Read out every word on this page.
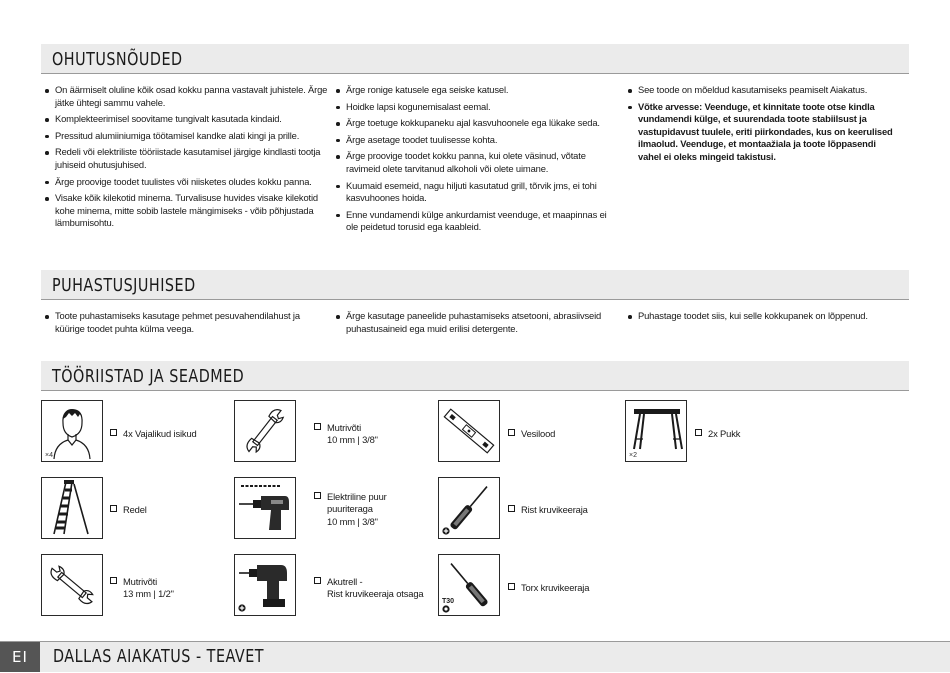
OHUTUSNÕUDED
On äärmiselt oluline kõik osad kokku panna vastavalt juhistele. Ärge jätke ühtegi sammu vahele.
Komplekteerimisel soovitame tungivalt kasutada kindaid.
Pressitud alumiiniumiga töötamisel kandke alati kingi ja prille.
Redeli või elektriliste tööriistade kasutamisel järgige kindlasti tootja juhiseid ohutusjuhised.
Ärge proovige toodet tuulistes või niisketes oludes kokku panna.
Visake kõik kilekotid minema. Turvalisuse huvides visake kilekotid kohe minema, mitte sobib lastele mängimiseks - võib põhjustada lämbumisohtu.
Ärge ronige katusele ega seiske katusel.
Hoidke lapsi kogunemisalast eemal.
Ärge toetuge kokkupaneku ajal kasvuhoonele ega lükake seda.
Ärge asetage toodet tuulisesse kohta.
Ärge proovige toodet kokku panna, kui olete väsinud, võtate ravimeid olete tarvitanud alkoholi või olete uimane.
Kuumaid esemeid, nagu hiljuti kasutatud grill, tõrvik jms, ei tohi kasvuhoones hoida.
Enne vundamendi külge ankurdamist veenduge, et maapinnas ei ole peidetud torusid ega kaableid.
See toode on mõeldud kasutamiseks peamiselt Aiakatus.
Võtke arvesse: Veenduge, et kinnitate toote otse kindla vundamendi külge, et suurendada toote stabiilsust ja vastupidavust tuulele, eriti piirkondades, kus on keerulised ilmaolud. Veenduge, et montaažiala ja toote lõppasendi vahel ei oleks mingeid takistusi.
PUHASTUSJUHISED
Toote puhastamiseks kasutage pehmet pesuvahendilahust ja küürige toodet puhta külma veega.
Ärge kasutage paneelide puhastamiseks atsetooni, abrasiivseid puhastusaineid ega muid erilisi detergente.
Puhastage toodet siis, kui selle kokkupanek on lõppenud.
TÖÖRIISTAD JA SEADMED
×4
4x Vajalikud isikud
Mutrivõti
10 mm | 3/8"
Vesilood
×2
2x Pukk
Redel
Elektriline puur
puuriteraga
10 mm | 3/8"
Rist kruvikeeraja
Mutrivõti
13 mm | 1/2"
Akutrell -
Rist kruvikeeraja otsaga
T30
Torx kruvikeeraja
EI	DALLAS AIAKATUS - TEAVET
